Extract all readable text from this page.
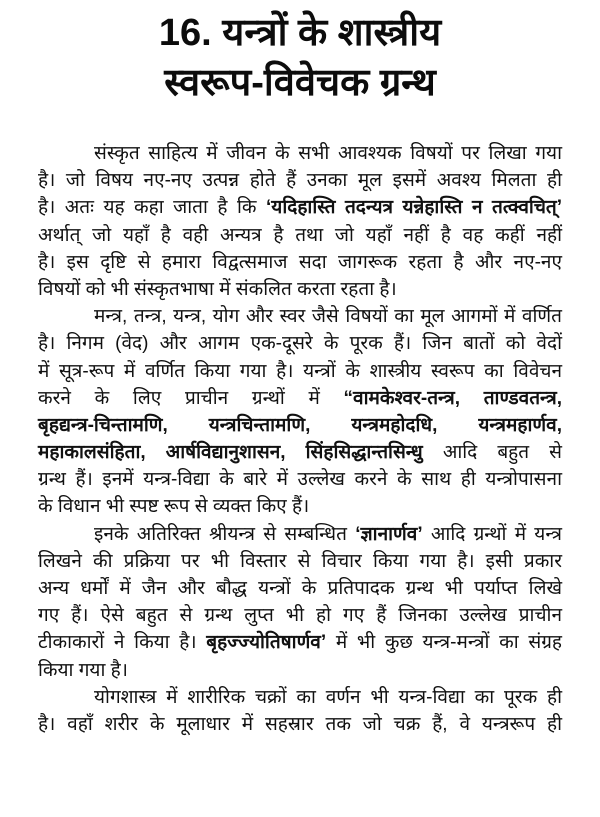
16. यन्त्रों के शास्त्रीय
स्वरूप-विवेचक ग्रन्थ
संस्कृत साहित्य में जीवन के सभी आवश्यक विषयों पर लिखा गया
है। जो विषय नए-नए उत्पन्न होते हैं उनका मूल इसमें अवश्य मिलता ही
है। अतः यह कहा जाता है कि ‘यदिहास्ति तदन्यत्र यन्नेहास्ति न तत्क्वचित्’
अर्थात् जो यहाँ है वही अन्यत्र है तथा जो यहाँ नहीं है वह कहीं नहीं
है। इस दृष्टि से हमारा विद्वत्समाज सदा जागरूक रहता है और नए-नए
विषयों को भी संस्कृतभाषा में संकलित करता रहता है।
मन्त्र, तन्त्र, यन्त्र, योग और स्वर जैसे विषयों का मूल आगमों में वर्णित
है। निगम (वेद) और आगम एक-दूसरे के पूरक हैं। जिन बातों को वेदों
में सूत्र-रूप में वर्णित किया गया है। यन्त्रों के शास्त्रीय स्वरूप का विवेचन
करने के लिए प्राचीन ग्रन्थों में “वामकेश्वर-तन्त्र, ताण्डवतन्त्र,
बृहद्यन्त्र-चिन्तामणि, यन्त्रचिन्तामणि, यन्त्रमहोदधि, यन्त्रमहार्णव,
महाकालसंहिता, आर्षविद्यानुशासन, सिंहसिद्धान्तसिन्धु आदि बहुत से
ग्रन्थ हैं। इनमें यन्त्र-विद्या के बारे में उल्लेख करने के साथ ही यन्त्रोपासना
के विधान भी स्पष्ट रूप से व्यक्त किए हैं।
इनके अतिरिक्त श्रीयन्त्र से सम्बन्धित ‘ज्ञानार्णव’ आदि ग्रन्थों में यन्त्र
लिखने की प्रक्रिया पर भी विस्तार से विचार किया गया है। इसी प्रकार
अन्य धर्मों में जैन और बौद्ध यन्त्रों के प्रतिपादक ग्रन्थ भी पर्याप्त लिखे
गए हैं। ऐसे बहुत से ग्रन्थ लुप्त भी हो गए हैं जिनका उल्लेख प्राचीन
टीकाकारों ने किया है। बृहज्ज्योतिषार्णव’ में भी कुछ यन्त्र-मन्त्रों का संग्रह
किया गया है।
योगशास्त्र में शारीरिक चक्रों का वर्णन भी यन्त्र-विद्या का पूरक ही
है। वहाँ शरीर के मूलाधार में सहस्रार तक जो चक्र हैं, वे यन्त्ररूप ही
